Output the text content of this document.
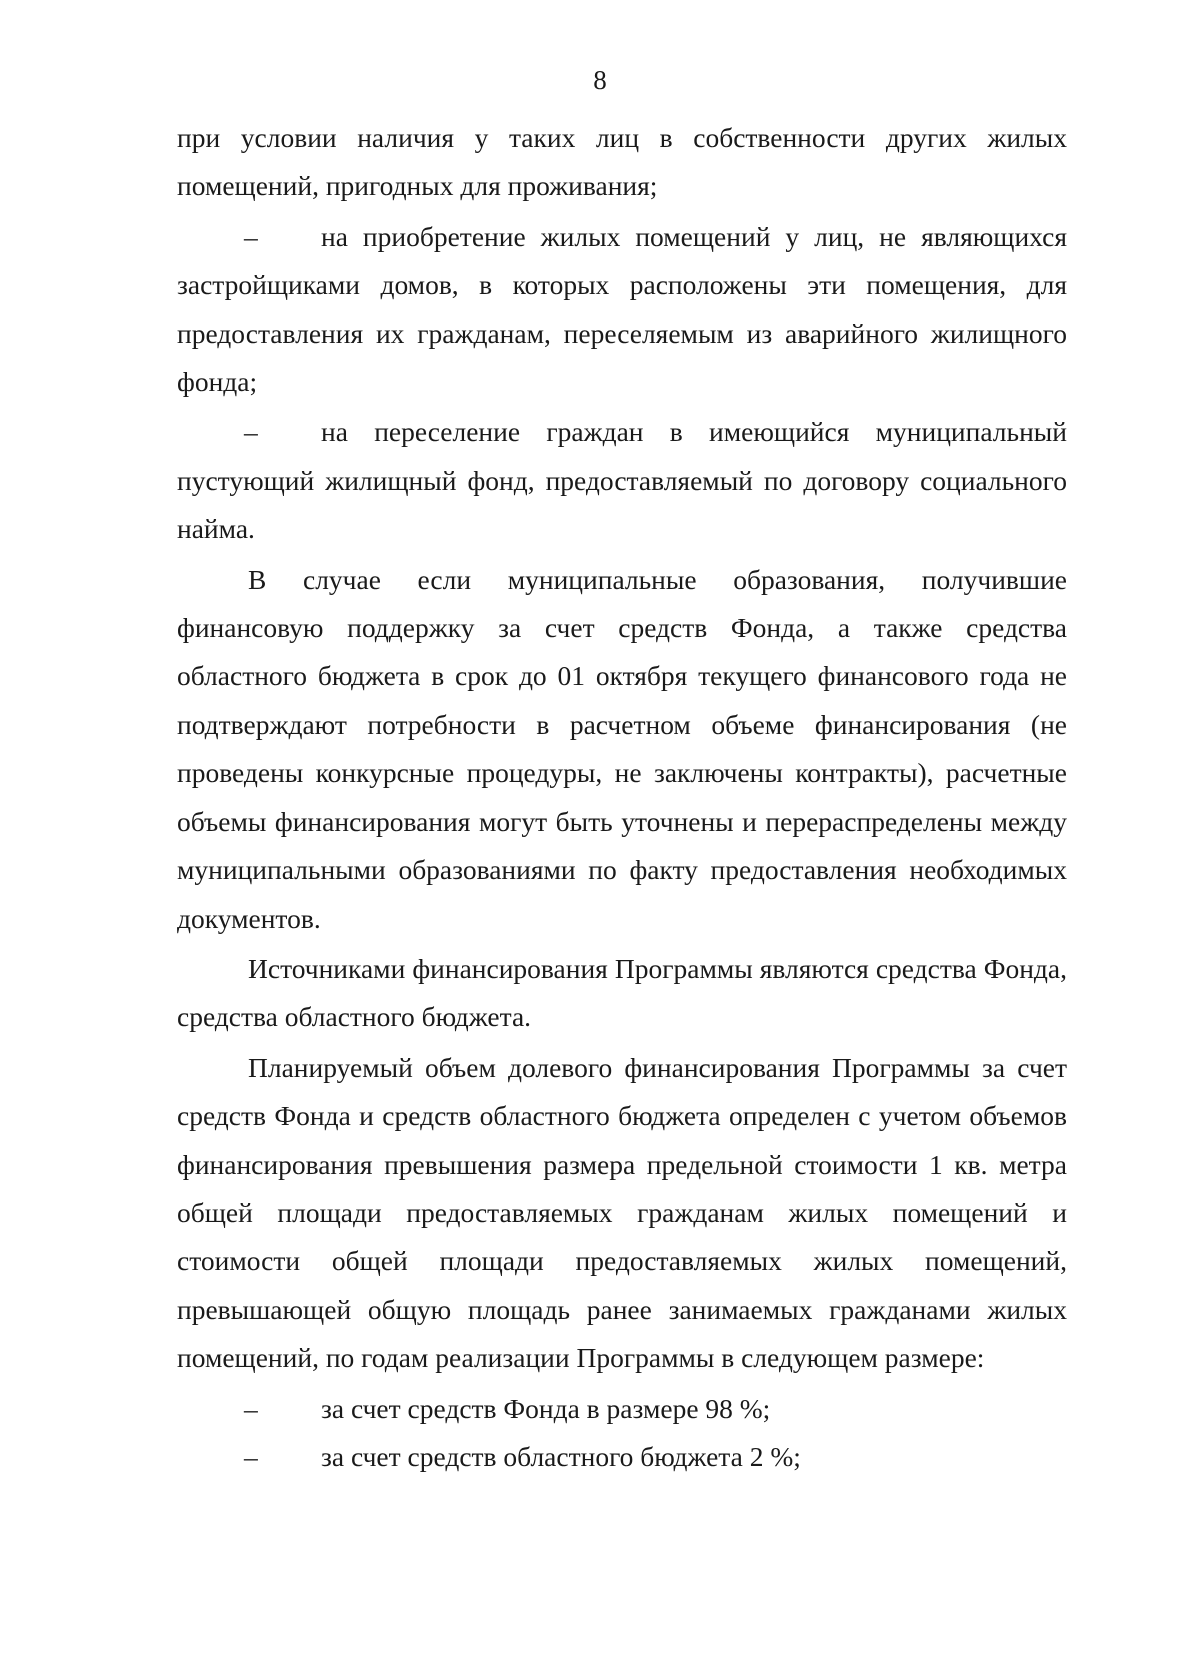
8

при условии наличия у таких лиц в собственности других жилых помещений, пригодных для проживания;

–	на приобретение жилых помещений у лиц, не являющихся застройщиками домов, в которых расположены эти помещения, для предоставления их гражданам, переселяемым из аварийного жилищного фонда;

–	на переселение граждан в имеющийся муниципальный пустующий жилищный фонд, предоставляемый по договору социального найма.

В случае если муниципальные образования, получившие финансовую поддержку за счет средств Фонда, а также средства областного бюджета в срок до 01 октября текущего финансового года не подтверждают потребности в расчетном объеме финансирования (не проведены конкурсные процедуры, не заключены контракты), расчетные объемы финансирования могут быть уточнены и перераспределены между муниципальными образованиями по факту предоставления необходимых документов.

Источниками финансирования Программы являются средства Фонда, средства областного бюджета.

Планируемый объем долевого финансирования Программы за счет средств Фонда и средств областного бюджета определен с учетом объемов финансирования превышения размера предельной стоимости 1 кв. метра общей площади предоставляемых гражданам жилых помещений и стоимости общей площади предоставляемых жилых помещений, превышающей общую площадь ранее занимаемых гражданами жилых помещений, по годам реализации Программы в следующем размере:

–	за счет средств Фонда в размере 98 %;

–	за счет средств областного бюджета 2 %;
